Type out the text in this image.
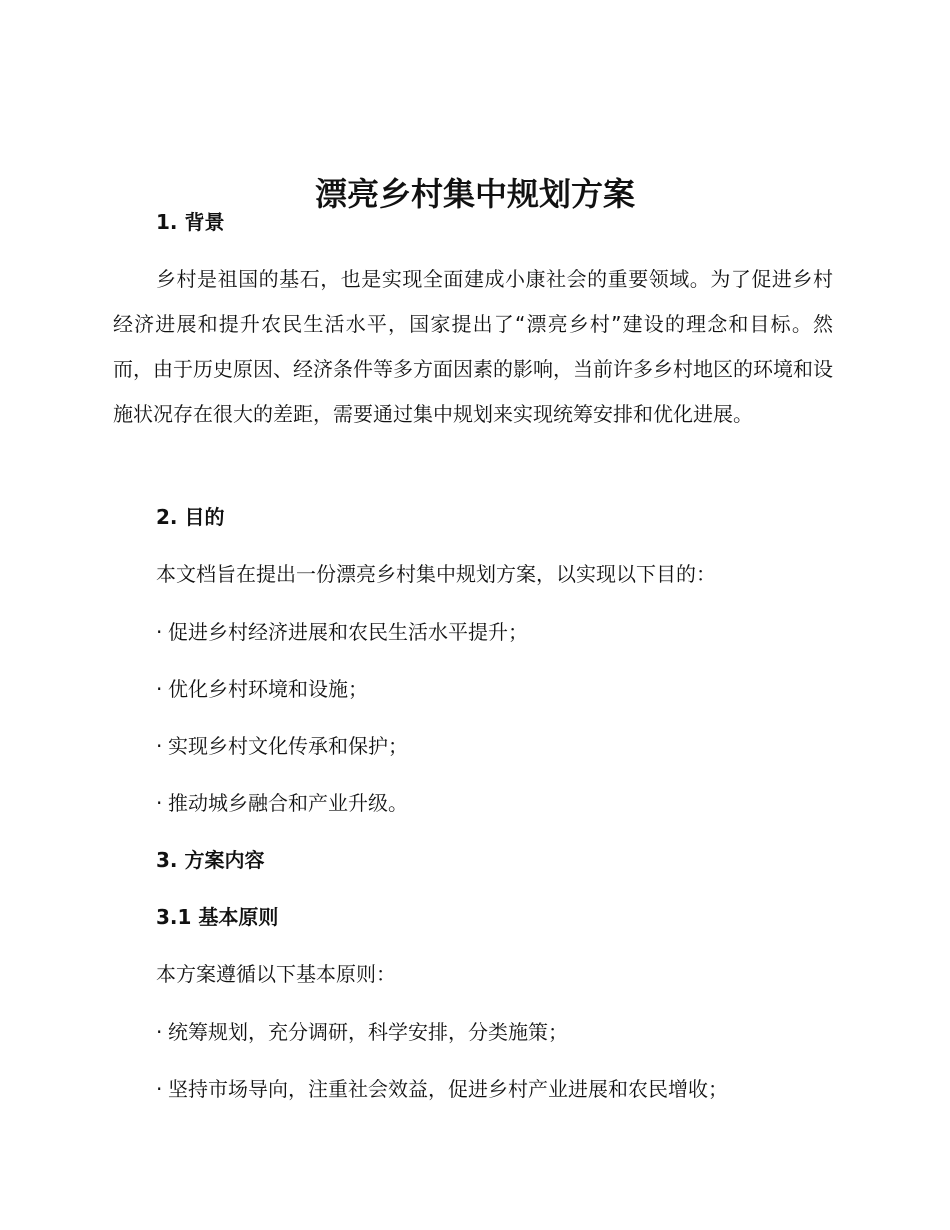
漂亮乡村集中规划方案
1. 背景

乡村是祖国的基石，也是实现全面建成小康社会的重要领域。为了促进乡村经济进展和提升农民生活水平，国家提出了“漂亮乡村”建设的理念和目标。然而，由于历史原因、经济条件等多方面因素的影响，当前许多乡村地区的环境和设施状况存在很大的差距，需要通过集中规划来实现统筹安排和优化进展。

2. 目的

本文档旨在提出一份漂亮乡村集中规划方案，以实现以下目的：

· 促进乡村经济进展和农民生活水平提升；

· 优化乡村环境和设施；

· 实现乡村文化传承和保护；

· 推动城乡融合和产业升级。

3. 方案内容
3.1 基本原则

本方案遵循以下基本原则：

· 统筹规划，充分调研，科学安排，分类施策；

· 坚持市场导向，注重社会效益，促进乡村产业进展和农民增收；
